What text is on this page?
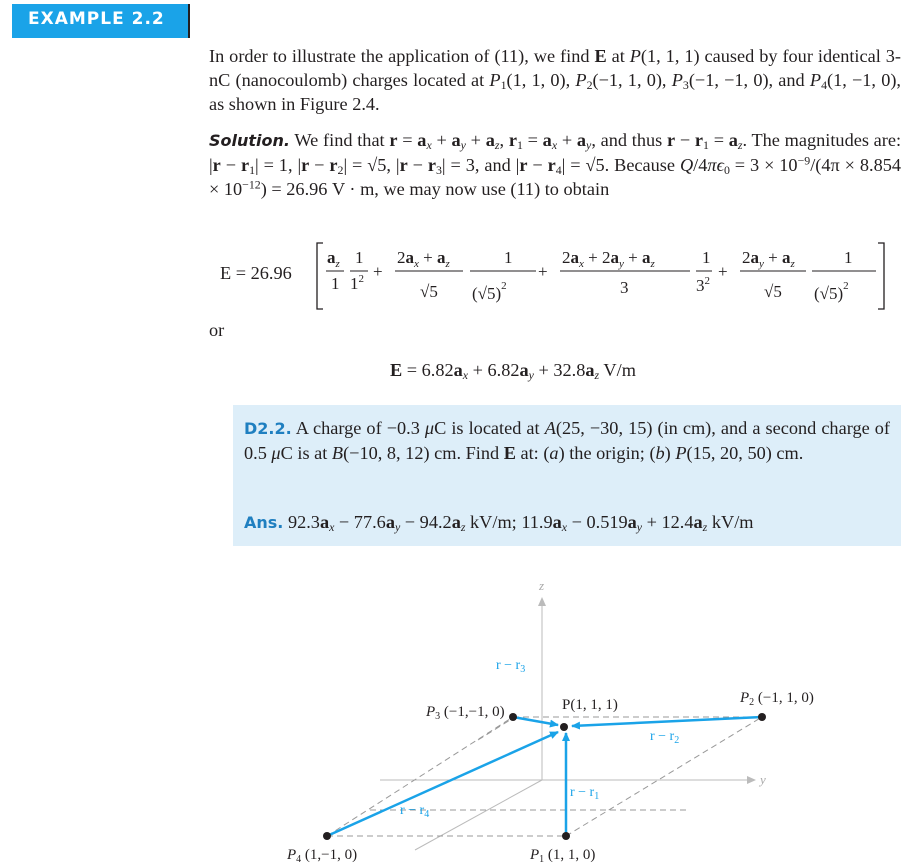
EXAMPLE 2.2

In order to illustrate the application of (11), we find E at P(1, 1, 1) caused by four identical 3-nC (nanocoulomb) charges located at $P_1(1$, 1, 0), $P_2(-1$, 1, 0), $P_3(-1$, −1, 0), and $P_4(1$, −1, 0), as shown in Figure 2.4.

Solution. We find that $r = a_x + a_y + a_z$, $r_1 = a_x + a_y$, and thus $r - r_1 = a_z$. The magnitudes are: $|r - r_1| = 1$, $|r - r_2| = √5$, $|r - r_3| = 3$, and $|r - r_4| = √5$. Because $Q/4\pi\epsilon_0 = 3 \times 10^{-9}/(4\pi \times 8.854 \times 10^{-12}) = 26.96$ V · m, we may now use (11) to obtain

E = 26.96
$a_z$ 1
1 $1^2$ +
$2a_x + a_z$
√5
1
$(√5)^2$
+
$2a_x + 2a_y + a_z$
3
1
$3^2$ +
$2a_y + a_z$
√5
1
$(√5)^2$
or
$E = 6.82a_x + 6.82a_y + 32.8a_z$ V/m

D2.2. A charge of −0.3 μC is located at A(25, −30, 15) (in cm), and a second charge of 0.5 μC is at B(−10, 8, 12) cm. Find E at: (a) the origin; (b) P(15, 20, 50) cm.

Ans. $92.3a_x - 77.6a_y - 94.2a_z$ kV/m; $11.9a_x - 0.519a_y + 12.4a_z$ kV/m
z
y
P(1, 1, 1)
$P_1$ (1, 1, 0)
$P_2$ (−1, 1, 0)
$P_3$ (−1,−1, 0)
$P_4$ (1,−1, 0)
$r - r_1$
$r - r_2$
$r - r_3$
$r - r_4$
